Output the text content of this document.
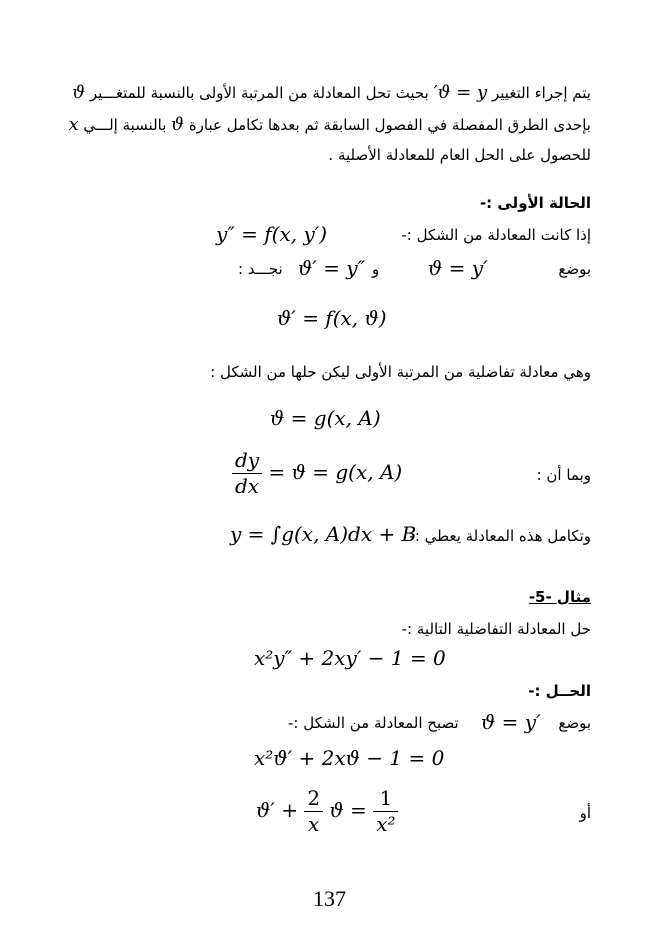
يتم إجراء التغيير ϑ = y′ بحيث تحل المعادلة من المرتبة الأولى بالنسبة للمتغـــير ϑ
بإحدى الطرق المفصلة في الفصول السابقة ثم بعدها تكامل عبارة ϑ بالنسبة إلـــي x
للحصول على الحل العام للمعادلة الأصلية .
الحالة الأولى :-
إذا كانت المعادلة من الشكل :-
y″ = f(x, y′)
بوضع
ϑ = y′
و
ϑ′ = y″
نجـــد :
ϑ′ = f(x, ϑ)
وهي معادلة تفاضلية من المرتبة الأولى ليكن حلها من الشكل :
ϑ = g(x, A)
وبما أن :
$\frac{dy}{dx} = ϑ = g(x$, A)
وتكامل هذه المعادلة يعطي :-
y = ∫g(x, A)dx + B
مثال -5-
حل المعادلة التفاضلية التالية :-
x²y″ + 2xy′ − 1 = 0
الحــل :-
بوضع
ϑ = y′
تصبح المعادلة من الشكل :-
x²ϑ′ + 2xϑ − 1 = 0
أو
$ϑ' + \frac{2}{x}$ $ϑ = \frac{1}{\text{x²}}$
137
